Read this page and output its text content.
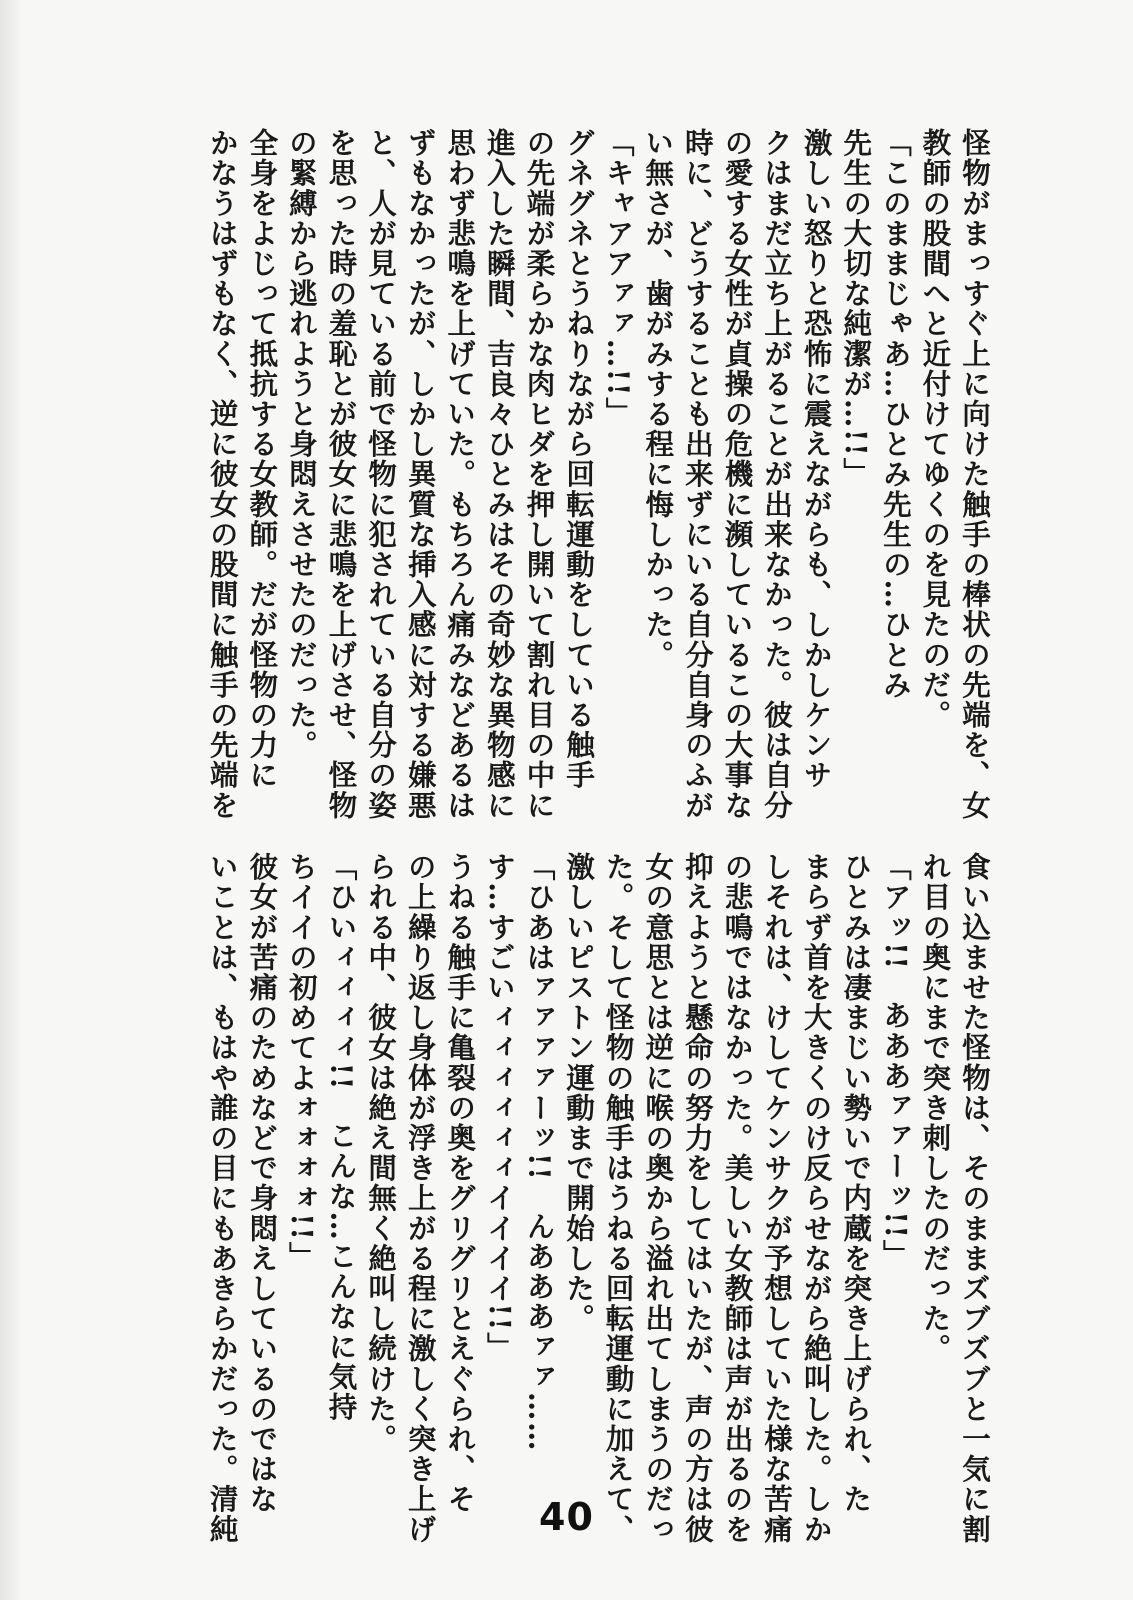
怪物がまっすぐ上に向けた触手の棒状の先端を、女
教師の股間へと近付けてゆくのを見たのだ。
「このままじゃあ…ひとみ先生の…ひとみ
先生の大切な純潔が…!!」
激しい怒りと恐怖に震えながらも、しかしケンサ
クはまだ立ち上がることが出来なかった。彼は自分
の愛する女性が貞操の危機に瀕しているこの大事な
時に、どうすることも出来ずにいる自分自身のふが
い無さが、歯がみする程に悔しかった。
「キャアアァァ…!!」
グネグネとうねりながら回転運動をしている触手
の先端が柔らかな肉ヒダを押し開いて割れ目の中に
進入した瞬間、吉良々ひとみはその奇妙な異物感に
思わず悲鳴を上げていた。もちろん痛みなどあるは
ずもなかったが、しかし異質な挿入感に対する嫌悪
と、人が見ている前で怪物に犯されている自分の姿
を思った時の羞恥とが彼女に悲鳴を上げさせ、怪物
の緊縛から逃れようと身悶えさせたのだった。
全身をよじって抵抗する女教師。だが怪物の力に
かなうはずもなく、逆に彼女の股間に触手の先端を
食い込ませた怪物は、そのままズブズブと一気に割
れ目の奥にまで突き刺したのだった。
「アッ!!　あああァァーッ!!」
ひとみは凄まじい勢いで内蔵を突き上げられ、た
まらず首を大きくのけ反らせながら絶叫した。しか
しそれは、けしてケンサクが予想していた様な苦痛
の悲鳴ではなかった。美しい女教師は声が出るのを
抑えようと懸命の努力をしてはいたが、声の方は彼
女の意思とは逆に喉の奥から溢れ出てしまうのだっ
た。そして怪物の触手はうねる回転運動に加えて、
激しいピストン運動まで開始した。
「ひあはァァァァーッ!!　んあああァァ……
す…すごいィィィィィィイイイイ!!」
うねる触手に亀裂の奥をグリグリとえぐられ、そ
の上繰り返し身体が浮き上がる程に激しく突き上げ
られる中、彼女は絶え間無く絶叫し続けた。
「ひいィィィィ!!　こんな…こんなに気持
ちイイの初めてよォォォォ!!」
彼女が苦痛のためなどで身悶えしているのではな
いことは、もはや誰の目にもあきらかだった。清純	40
